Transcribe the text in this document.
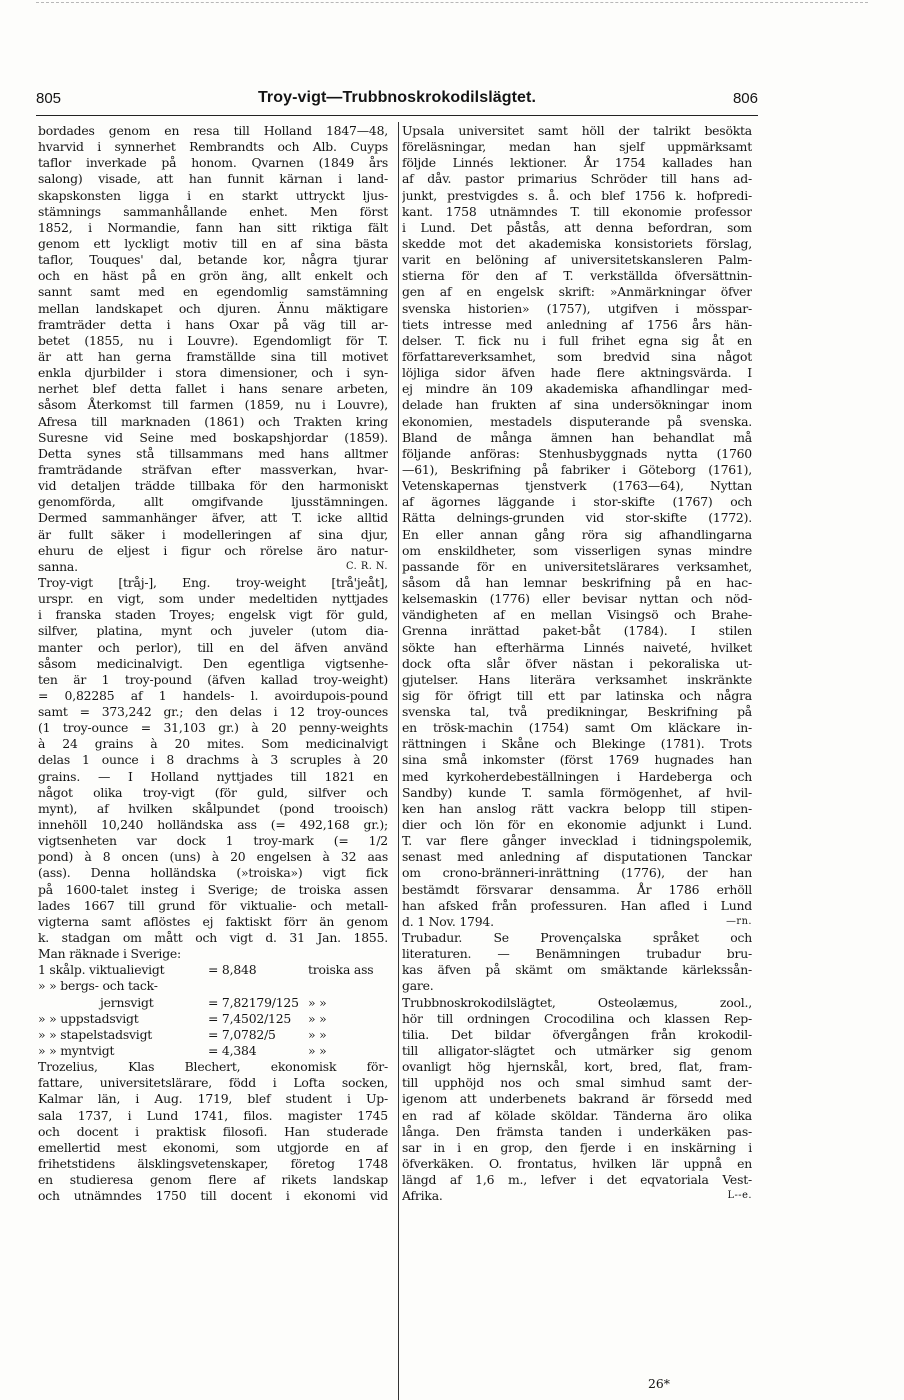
805	Troy-vigt—Trubbnoskrokodilslägtet.	806
bordades genom en resa till Holland 1847—48,
hvarvid i synnerhet Rembrandts och Alb. Cuyps
taflor inverkade på honom. Qvarnen (1849 års
salong) visade, att han funnit kärnan i land-
skapskonsten ligga i en starkt uttryckt ljus-
stämnings sammanhållande enhet. Men först
1852, i Normandie, fann han sitt riktiga fält
genom ett lyckligt motiv till en af sina bästa
taflor, Touques' dal, betande kor, några tjurar
och en häst på en grön äng, allt enkelt och
sannt samt med en egendomlig samstämning
mellan landskapet och djuren. Ännu mäktigare
framträder detta i hans Oxar på väg till ar-
betet (1855, nu i Louvre). Egendomligt för T.
är att han gerna framställde sina till motivet
enkla djurbilder i stora dimensioner, och i syn-
nerhet blef detta fallet i hans senare arbeten,
såsom Återkomst till farmen (1859, nu i Louvre),
Afresa till marknaden (1861) och Trakten kring
Suresne vid Seine med boskapshjordar (1859).
Detta synes stå tillsammans med hans alltmer
framträdande sträfvan efter massverkan, hvar-
vid detaljen trädde tillbaka för den harmoniskt
genomförda, allt omgifvande ljusstämningen.
Dermed sammanhänger äfver, att T. icke alltid
är fullt säker i modelleringen af sina djur,
ehuru de eljest i figur och rörelse äro natur-
sanna.	C. R. N.
Troy-vigt [tråj-], Eng. troy-weight [trå'jeåt],
urspr. en vigt, som under medeltiden nyttjades
i franska staden Troyes; engelsk vigt för guld,
silfver, platina, mynt och juveler (utom dia-
manter och perlor), till en del äfven använd
såsom medicinalvigt. Den egentliga vigtsenhe-
ten är 1 troy-pound (äfven kallad troy-weight)
= 0,82285 af 1 handels- l. avoirdupois-pound
samt = 373,242 gr.; den delas i 12 troy-ounces
(1 troy-ounce = 31,103 gr.) à 20 penny-weights
à 24 grains à 20 mites. Som medicinalvigt
delas 1 ounce i 8 drachms à 3 scruples à 20
grains. — I Holland nyttjades till 1821 en
något olika troy-vigt (för guld, silfver och
mynt), af hvilken skålpundet (pond trooisch)
innehöll 10,240 holländska ass (= 492,168 gr.);
vigtsenheten var dock 1 troy-mark (= 1/2
pond) à 8 oncen (uns) à 20 engelsen à 32 aas
(ass). Denna holländska (»troiska») vigt fick
på 1600-talet insteg i Sverige; de troiska assen
lades 1667 till grund för viktualie- och metall-
vigterna samt aflöstes ej faktiskt förr än genom
k. stadgan om mått och vigt d. 31 Jan. 1855.
Man räknade i Sverige:
1 skålp. viktualievigt	= 8,848	troiska ass
» » bergs- och tack-
jernsvigt	= 7,82179/125 » »
» » uppstadsvigt	= 7,4502/125	» »
» » stapelstadsvigt	= 7,0782/5	» »
» » myntvigt	= 4,384	» »
Trozelius, Klas Blechert, ekonomisk för-
fattare, universitetslärare, född i Lofta socken,
Kalmar län, i Aug. 1719, blef student i Up-
sala 1737, i Lund 1741, filos. magister 1745
och docent i praktisk filosofi. Han studerade
emellertid mest ekonomi, som utgjorde en af
frihetstidens älsklingsvetenskaper, företog 1748
en studieresa genom flere af rikets landskap
och utnämndes 1750 till docent i ekonomi vid
Upsala universitet samt höll der talrikt besökta
föreläsningar, medan han sjelf uppmärksamt
följde Linnés lektioner. År 1754 kallades han
af dåv. pastor primarius Schröder till hans ad-
junkt, prestvigdes s. å. och blef 1756 k. hofpredi-
kant. 1758 utnämndes T. till ekonomie professor
i Lund. Det påstås, att denna befordran, som
skedde mot det akademiska konsistoriets förslag,
varit en belöning af universitetskansleren Palm-
stierna för den af T. verkställda öfversättnin-
gen af en engelsk skrift: »Anmärkningar öfver
svenska historien» (1757), utgifven i mösspar-
tiets intresse med anledning af 1756 års hän-
delser. T. fick nu i full frihet egna sig åt en
författareverksamhet, som bredvid sina något
löjliga sidor äfven hade flere aktningsvärda. I
ej mindre än 109 akademiska afhandlingar med-
delade han frukten af sina undersökningar inom
ekonomien, mestadels disputerande på svenska.
Bland de många ämnen han behandlat må
följande anföras: Stenhusbyggnads nytta (1760
—61), Beskrifning på fabriker i Göteborg (1761),
Vetenskapernas tjenstverk (1763—64), Nyttan
af ägornes läggande i stor-skifte (1767) och
Rätta delnings-grunden vid stor-skifte (1772).
En eller annan gång röra sig afhandlingarna
om enskildheter, som visserligen synas mindre
passande för en universitetslärares verksamhet,
såsom då han lemnar beskrifning på en hac-
kelsemaskin (1776) eller bevisar nyttan och nöd-
vändigheten af en mellan Visingsö och Brahe-
Grenna inrättad paket-båt (1784). I stilen
sökte han efterhärma Linnés naiveté, hvilket
dock ofta slår öfver nästan i pekoraliska ut-
gjutelser. Hans literära verksamhet inskränkte
sig för öfrigt till ett par latinska och några
svenska tal, två predikningar, Beskrifning på
en trösk-machin (1754) samt Om kläckare in-
rättningen i Skåne och Blekinge (1781). Trots
sina små inkomster (först 1769 hugnades han
med kyrkoherdebeställningen i Hardeberga och
Sandby) kunde T. samla förmögenhet, af hvil-
ken han anslog rätt vackra belopp till stipen-
dier och lön för en ekonomie adjunkt i Lund.
T. var flere gånger invecklad i tidningspolemik,
senast med anledning af disputationen Tanckar
om crono-bränneri-inrättning (1776), der han
bestämdt försvarar densamma. År 1786 erhöll
han afsked från professuren. Han afled i Lund
d. 1 Nov. 1794.	—rn.
Trubadur. Se Provençalska språket och
literaturen. — Benämningen trubadur bru-
kas äfven på skämt om smäktande kärlekssån-
gare.
Trubbnoskrokodilslägtet, Osteolæmus, zool.,
hör till ordningen Crocodilina och klassen Rep-
tilia. Det bildar öfvergången från krokodil-
till alligator-slägtet och utmärker sig genom
ovanligt hög hjernskål, kort, bred, flat, fram-
till upphöjd nos och smal simhud samt der-
igenom att underbenets bakrand är försedd med
en rad af kölade sköldar. Tänderna äro olika
långa. Den främsta tanden i underkäken pas-
sar in i en grop, den fjerde i en inskärning i
öfverkäken. O. frontatus, hvilken lär uppnå en
längd af 1,6 m., lefver i det eqvatoriala Vest-
Afrika.	L--e.
26*
